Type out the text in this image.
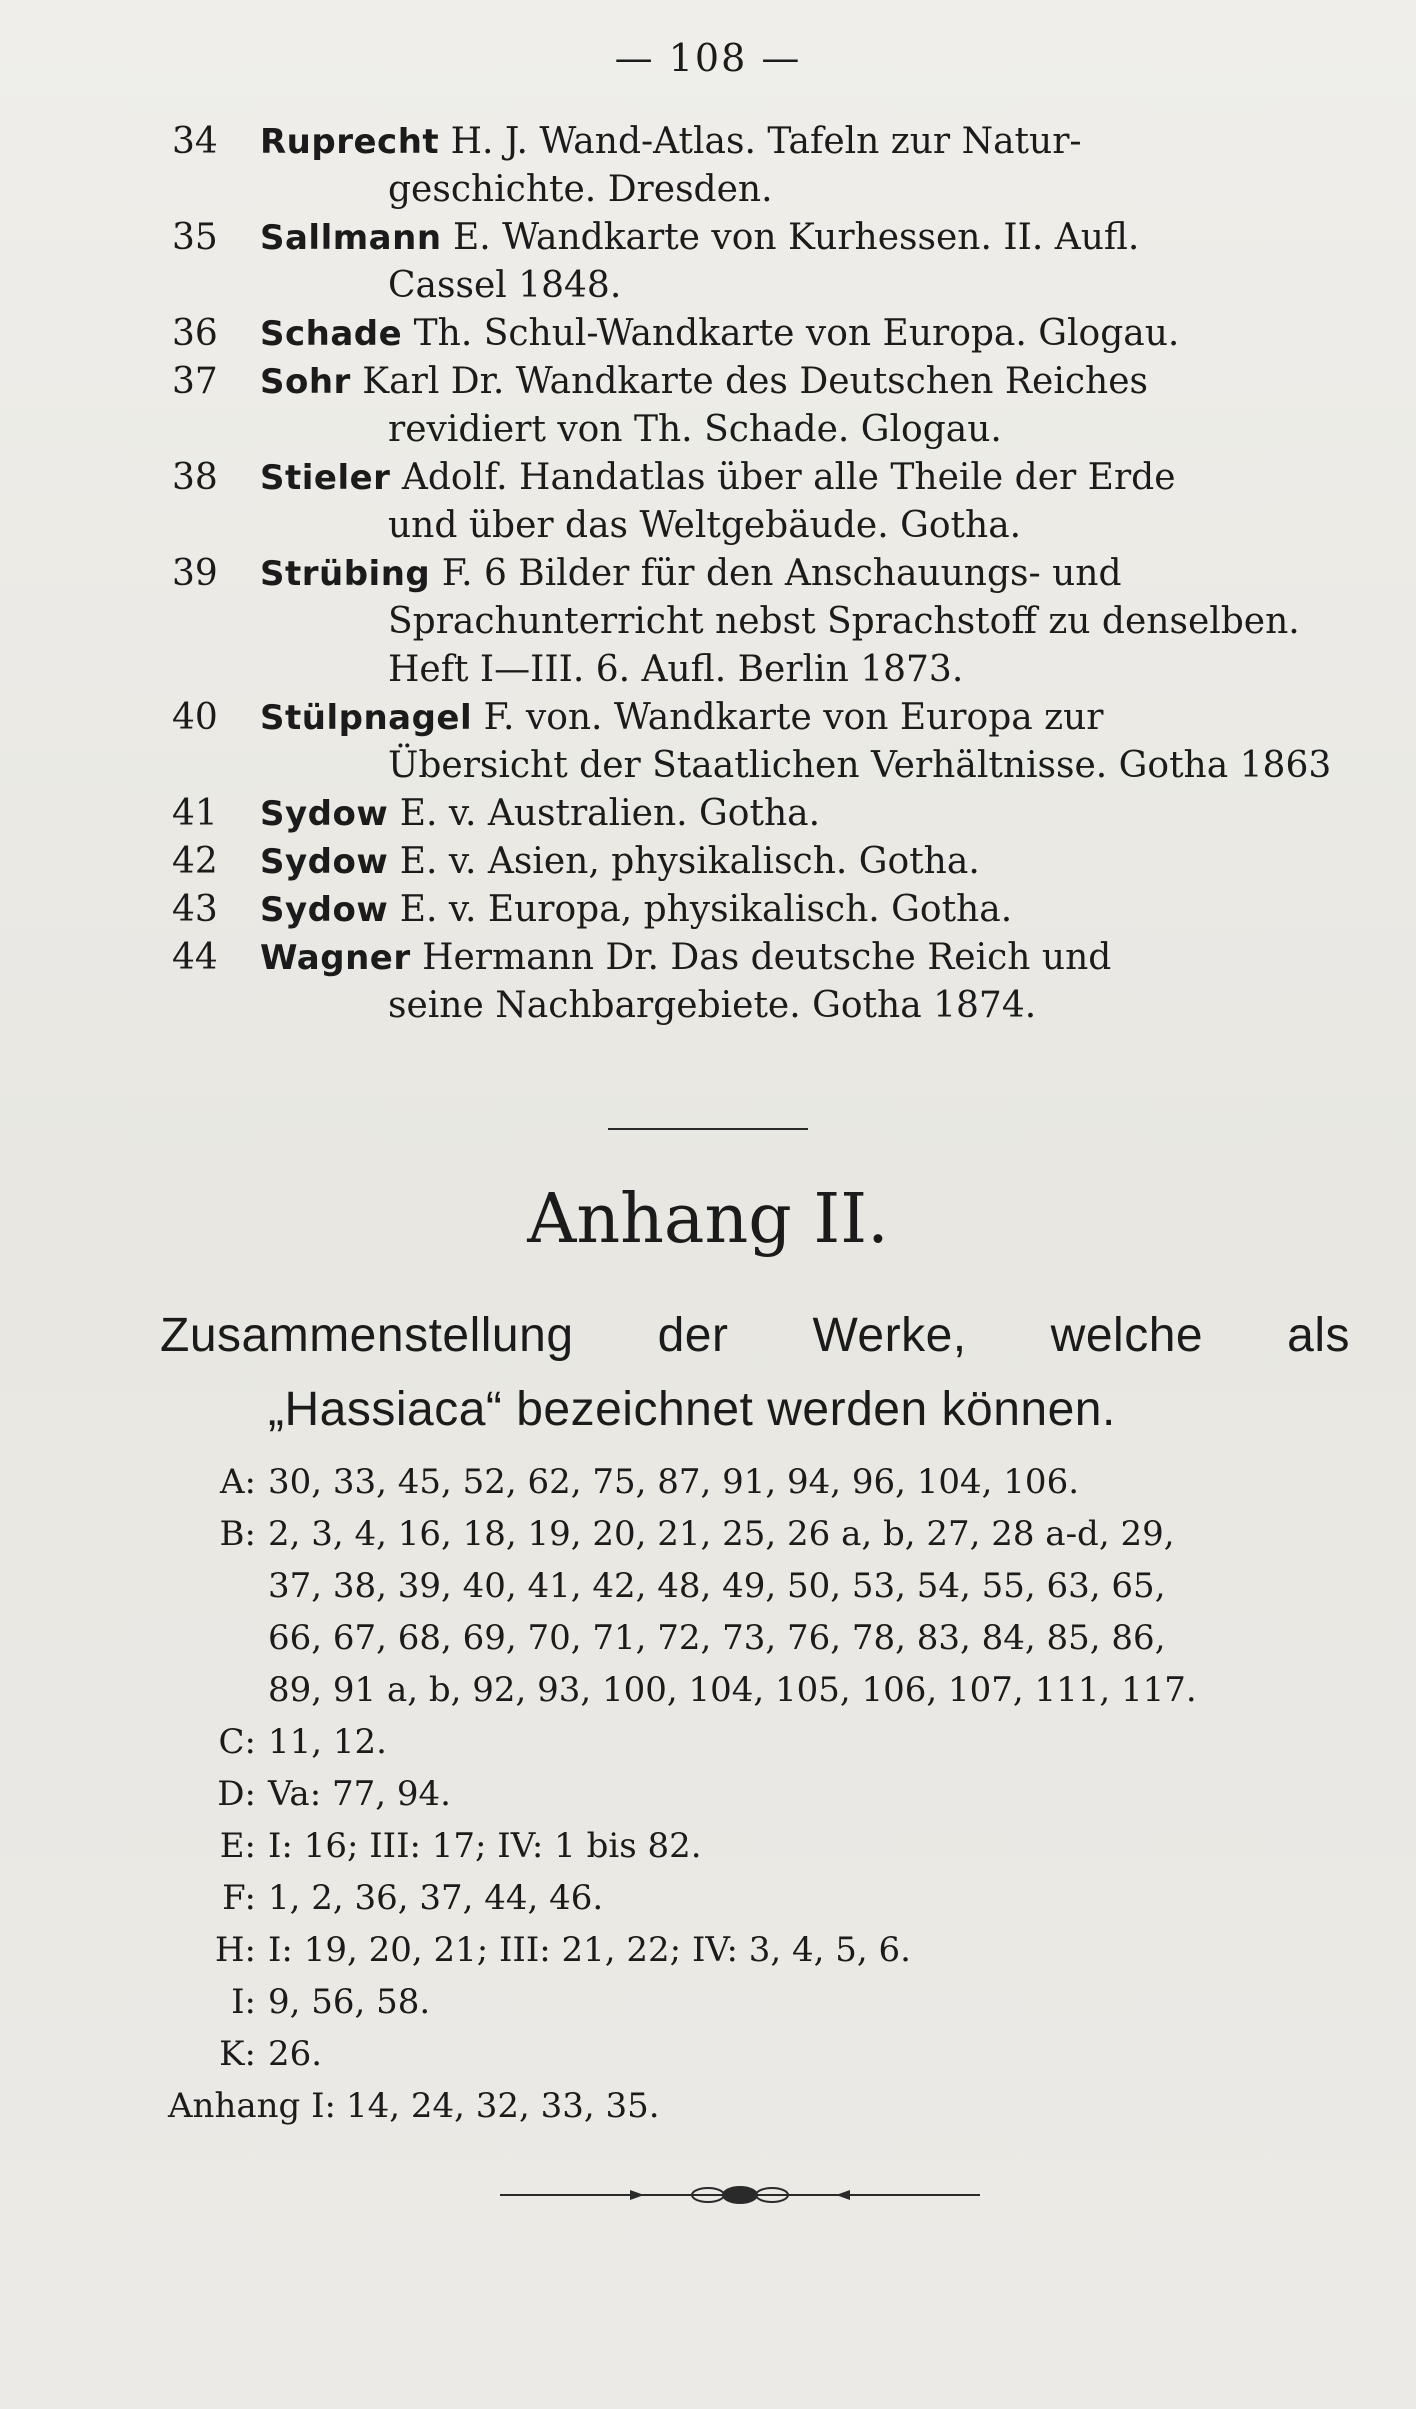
— 108 —
34	Ruprecht H. J. Wand-Atlas. Tafeln zur Natur-
geschichte. Dresden.
35	Sallmann E. Wandkarte von Kurhessen. II. Aufl.
Cassel 1848.
36	Schade Th. Schul-Wandkarte von Europa. Glogau.
37	Sohr Karl Dr. Wandkarte des Deutschen Reiches
revidiert von Th. Schade. Glogau.
38	Stieler Adolf. Handatlas über alle Theile der Erde
und über das Weltgebäude. Gotha.
39	Strübing F. 6 Bilder für den Anschauungs- und
Sprachunterricht nebst Sprachstoff zu denselben.
Heft I—III. 6. Aufl. Berlin 1873.
40	Stülpnagel F. von. Wandkarte von Europa zur
Übersicht der Staatlichen Verhältnisse. Gotha 1863
41	Sydow E. v. Australien. Gotha.
42	Sydow E. v. Asien, physikalisch. Gotha.
43	Sydow E. v. Europa, physikalisch. Gotha.
44	Wagner Hermann Dr. Das deutsche Reich und
seine Nachbargebiete. Gotha 1874.
Anhang II.
Zusammenstellung der Werke, welche als
„Hassiaca“ bezeichnet werden können.
A: 30, 33, 45, 52, 62, 75, 87, 91, 94, 96, 104, 106.
B: 2, 3, 4, 16, 18, 19, 20, 21, 25, 26 a, b, 27, 28 a-d, 29,
37, 38, 39, 40, 41, 42, 48, 49, 50, 53, 54, 55, 63, 65,
66, 67, 68, 69, 70, 71, 72, 73, 76, 78, 83, 84, 85, 86,
89, 91 a, b, 92, 93, 100, 104, 105, 106, 107, 111, 117.
C: 11, 12.
D: Va: 77, 94.
E: I: 16; III: 17; IV: 1 bis 82.
F: 1, 2, 36, 37, 44, 46.
H: I: 19, 20, 21; III: 21, 22; IV: 3, 4, 5, 6.
I: 9, 56, 58.
K: 26.
Anhang I: 14, 24, 32, 33, 35.
